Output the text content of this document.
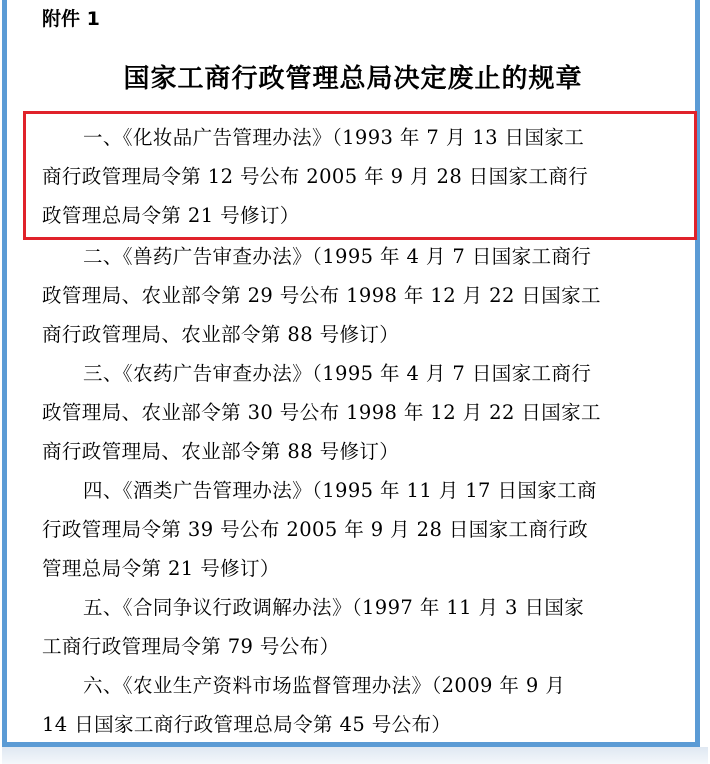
附件 1
国家工商行政管理总局决定废止的规章
一、《化妆品广告管理办法》（1993 年 7 月 13 日国家工
商行政管理局令第 12 号公布 2005 年 9 月 28 日国家工商行
政管理总局令第 21 号修订）
二、《兽药广告审查办法》（1995 年 4 月 7 日国家工商行
政管理局、农业部令第 29 号公布 1998 年 12 月 22 日国家工
商行政管理局、农业部令第 88 号修订）
三、《农药广告审查办法》（1995 年 4 月 7 日国家工商行
政管理局、农业部令第 30 号公布 1998 年 12 月 22 日国家工
商行政管理局、农业部令第 88 号修订）
四、《酒类广告管理办法》（1995 年 11 月 17 日国家工商
行政管理局令第 39 号公布 2005 年 9 月 28 日国家工商行政
管理总局令第 21 号修订）
五、《合同争议行政调解办法》（1997 年 11 月 3 日国家
工商行政管理局令第 79 号公布）
六、《农业生产资料市场监督管理办法》（2009 年 9 月
14 日国家工商行政管理总局令第 45 号公布）
